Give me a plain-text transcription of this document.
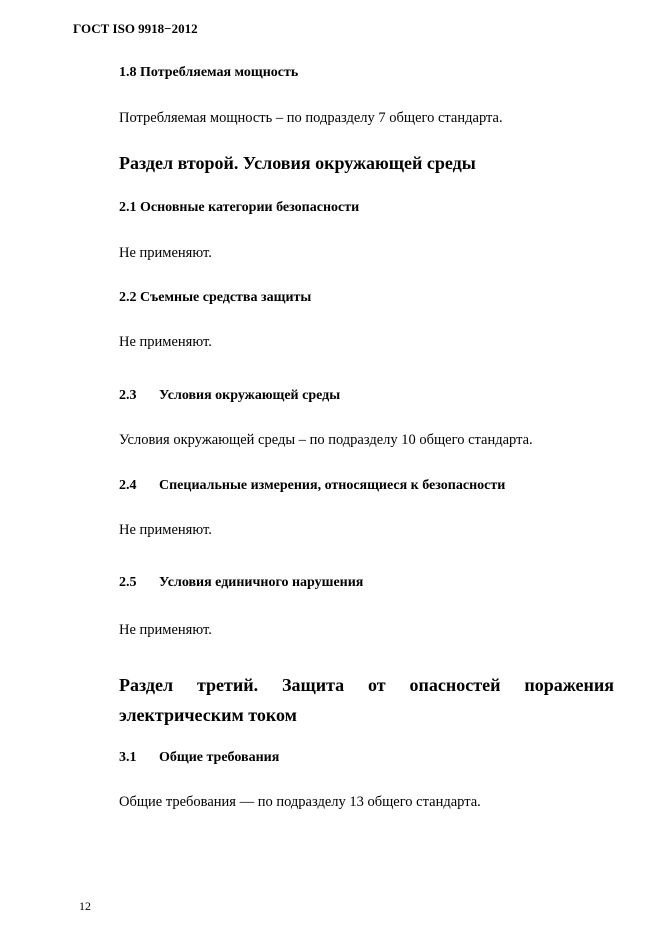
ГОСТ ISO 9918−2012
1.8 Потребляемая мощность
Потребляемая мощность – по подразделу 7 общего стандарта.
Раздел второй. Условия окружающей среды
2.1 Основные категории безопасности
Не применяют.
2.2 Съемные средства защиты
Не применяют.
2.3 Условия окружающей среды
Условия окружающей среды – по подразделу 10 общего стандарта.
2.4 Специальные измерения, относящиеся к безопасности
Не применяют.
2.5 Условия единичного нарушения
Не применяют.
Раздел третий. Защита от опасностей поражения
электрическим током
3.1 Общие требования
Общие требования — по подразделу 13 общего стандарта.
12
